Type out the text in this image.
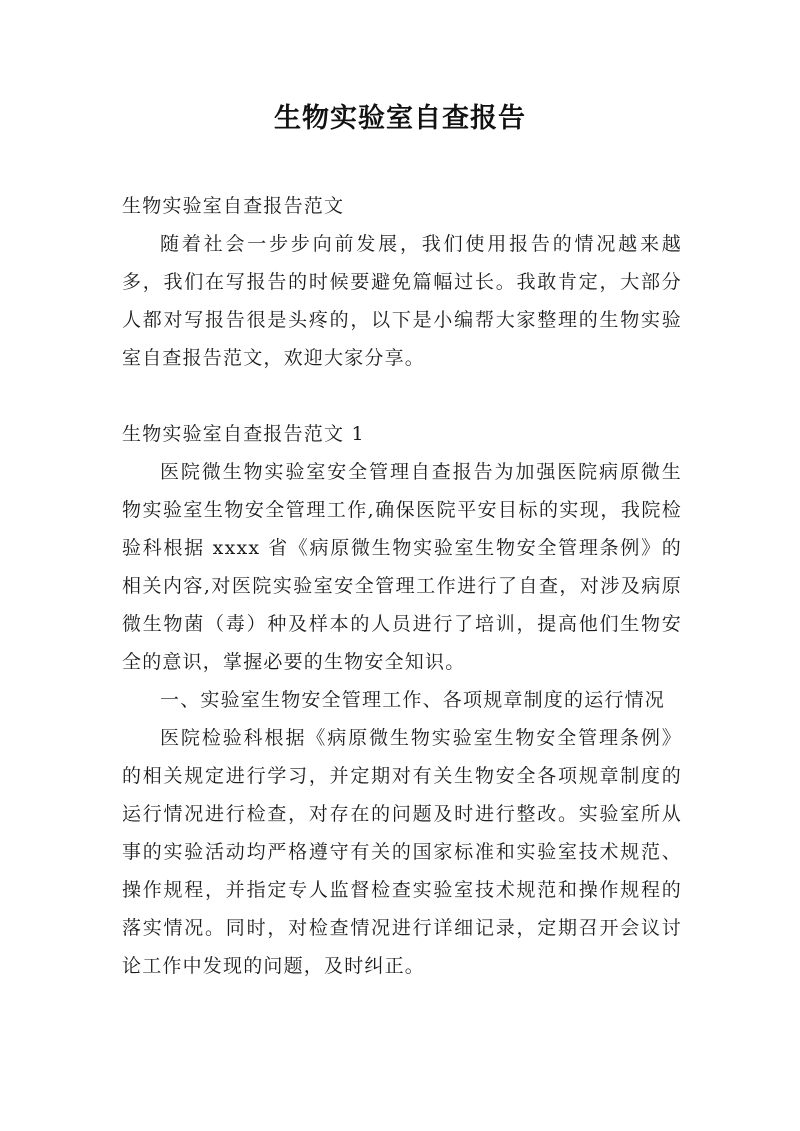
生物实验室自查报告

生物实验室自查报告范文

随着社会一步步向前发展，我们使用报告的情况越来越多，我们在写报告的时候要避免篇幅过长。我敢肯定，大部分人都对写报告很是头疼的，以下是小编帮大家整理的生物实验室自查报告范文，欢迎大家分享。

生物实验室自查报告范文 1

医院微生物实验室安全管理自查报告为加强医院病原微生物实验室生物安全管理工作,确保医院平安目标的实现，我院检验科根据 xxxx 省《病原微生物实验室生物安全管理条例》的相关内容,对医院实验室安全管理工作进行了自查，对涉及病原微生物菌（毒）种及样本的人员进行了培训，提高他们生物安全的意识，掌握必要的生物安全知识。

一、实验室生物安全管理工作、各项规章制度的运行情况

医院检验科根据《病原微生物实验室生物安全管理条例》的相关规定进行学习，并定期对有关生物安全各项规章制度的运行情况进行检查，对存在的问题及时进行整改。实验室所从事的实验活动均严格遵守有关的国家标准和实验室技术规范、操作规程，并指定专人监督检查实验室技术规范和操作规程的落实情况。同时，对检查情况进行详细记录，定期召开会议讨论工作中发现的问题，及时纠正。
